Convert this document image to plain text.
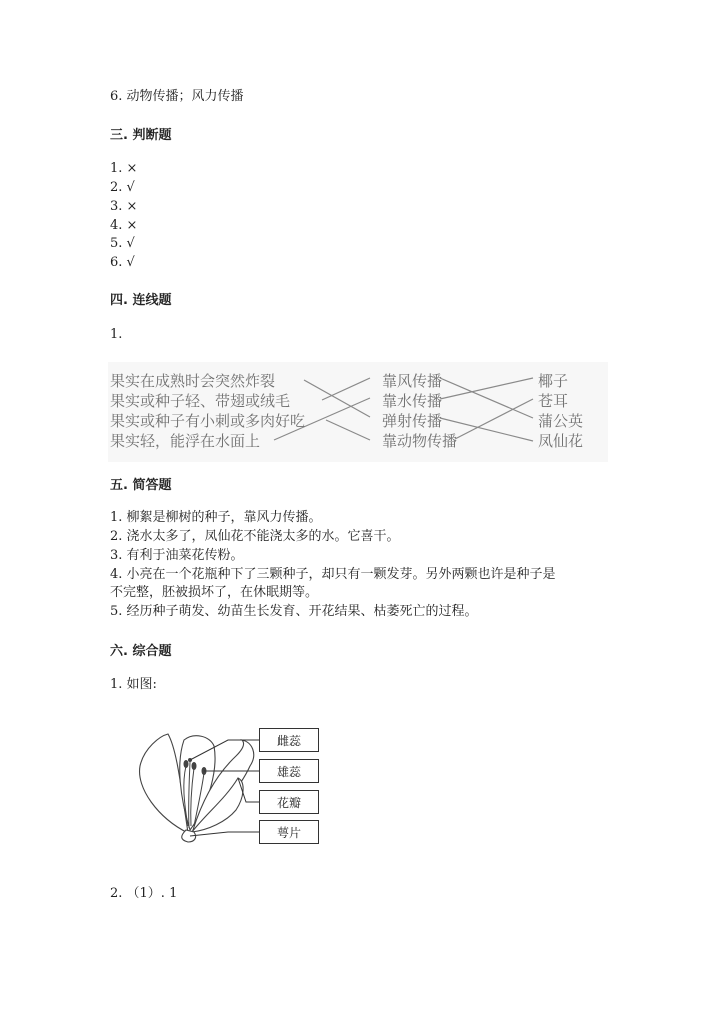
6. 动物传播；风力传播
三. 判断题
1. ×
2. √
3. ×
4. ×
5. √
6. √
四. 连线题
1.
果实在成熟时会突然炸裂
果实或种子轻、带翅或绒毛
果实或种子有小刺或多肉好吃
果实轻，能浮在水面上
靠风传播
靠水传播
弹射传播
靠动物传播
椰子
苍耳
蒲公英
凤仙花
五. 简答题
1. 柳絮是柳树的种子，靠风力传播。
2. 浇水太多了，凤仙花不能浇太多的水。它喜干。
3. 有利于油菜花传粉。
4. 小亮在一个花瓶种下了三颗种子，却只有一颗发芽。另外两颗也许是种子是
不完整，胚被损坏了，在休眠期等。
5. 经历种子萌发、幼苗生长发育、开花结果、枯萎死亡的过程。
六. 综合题
1. 如图:
雌蕊
雄蕊
花瓣
萼片
2. （1）. 1
